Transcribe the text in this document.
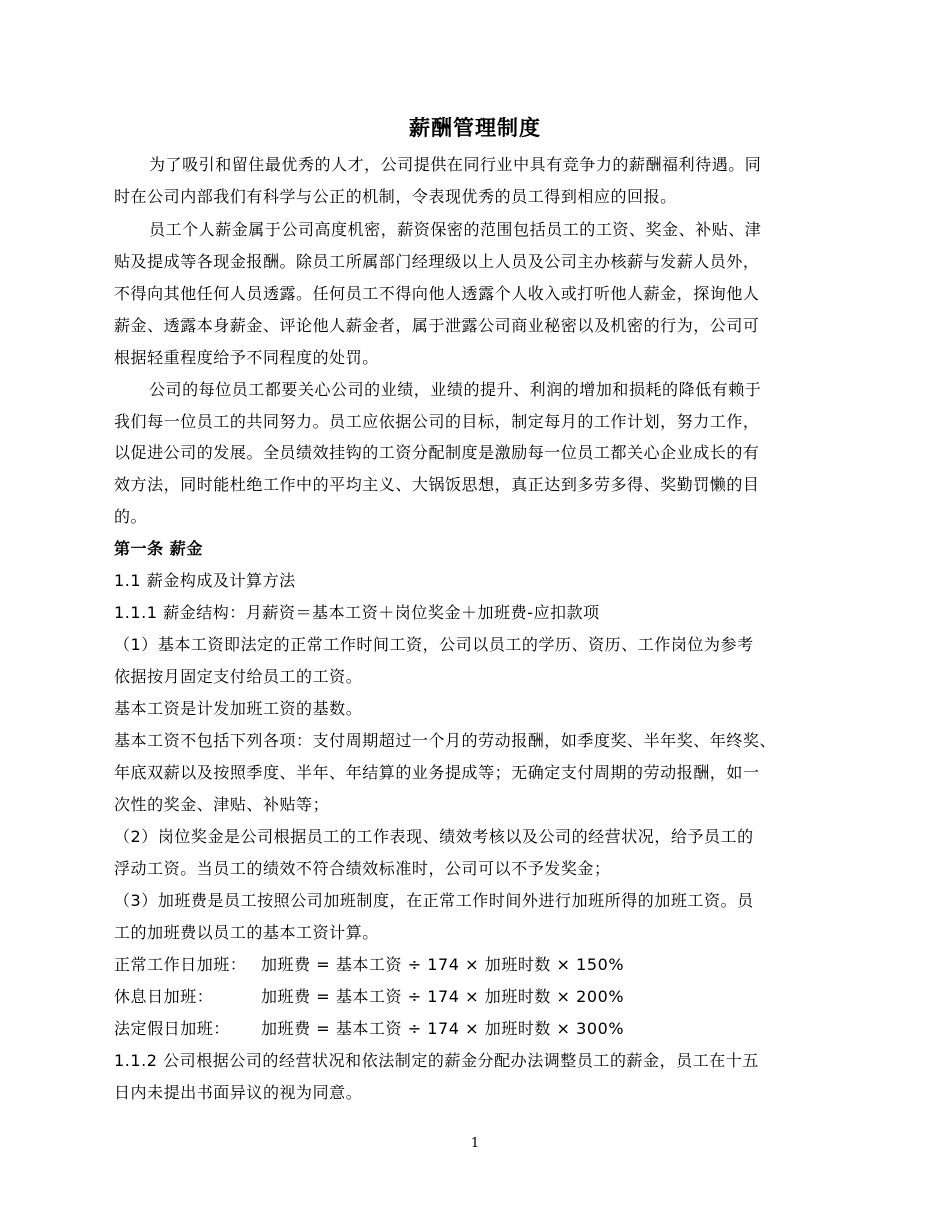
薪酬管理制度
为了吸引和留住最优秀的人才，公司提供在同行业中具有竞争力的薪酬福利待遇。同
时在公司内部我们有科学与公正的机制，令表现优秀的员工得到相应的回报。
员工个人薪金属于公司高度机密，薪资保密的范围包括员工的工资、奖金、补贴、津
贴及提成等各现金报酬。除员工所属部门经理级以上人员及公司主办核薪与发薪人员外，
不得向其他任何人员透露。任何员工不得向他人透露个人收入或打听他人薪金，探询他人
薪金、透露本身薪金、评论他人薪金者，属于泄露公司商业秘密以及机密的行为，公司可
根据轻重程度给予不同程度的处罚。
公司的每位员工都要关心公司的业绩，业绩的提升、利润的增加和损耗的降低有赖于
我们每一位员工的共同努力。员工应依据公司的目标，制定每月的工作计划，努力工作，
以促进公司的发展。全员绩效挂钩的工资分配制度是激励每一位员工都关心企业成长的有
效方法，同时能杜绝工作中的平均主义、大锅饭思想，真正达到多劳多得、奖勤罚懒的目
的。
第一条 薪金
1.1 薪金构成及计算方法
1.1.1 薪金结构：月薪资＝基本工资＋岗位奖金＋加班费-应扣款项
（1）基本工资即法定的正常工作时间工资，公司以员工的学历、资历、工作岗位为参考
依据按月固定支付给员工的工资。
基本工资是计发加班工资的基数。
基本工资不包括下列各项：支付周期超过一个月的劳动报酬，如季度奖、半年奖、年终奖、
年底双薪以及按照季度、半年、年结算的业务提成等；无确定支付周期的劳动报酬，如一
次性的奖金、津贴、补贴等；
（2）岗位奖金是公司根据员工的工作表现、绩效考核以及公司的经营状况，给予员工的
浮动工资。当员工的绩效不符合绩效标准时，公司可以不予发奖金；
（3）加班费是员工按照公司加班制度，在正常工作时间外进行加班所得的加班工资。员
工的加班费以员工的基本工资计算。
正常工作日加班： 加班费 = 基本工资 ÷ 174 × 加班时数 × 150%
休息日加班：	加班费 = 基本工资 ÷ 174 × 加班时数 × 200%
法定假日加班： 加班费 = 基本工资 ÷ 174 × 加班时数 × 300%
1.1.2 公司根据公司的经营状况和依法制定的薪金分配办法调整员工的薪金，员工在十五
日内未提出书面异议的视为同意。
1
